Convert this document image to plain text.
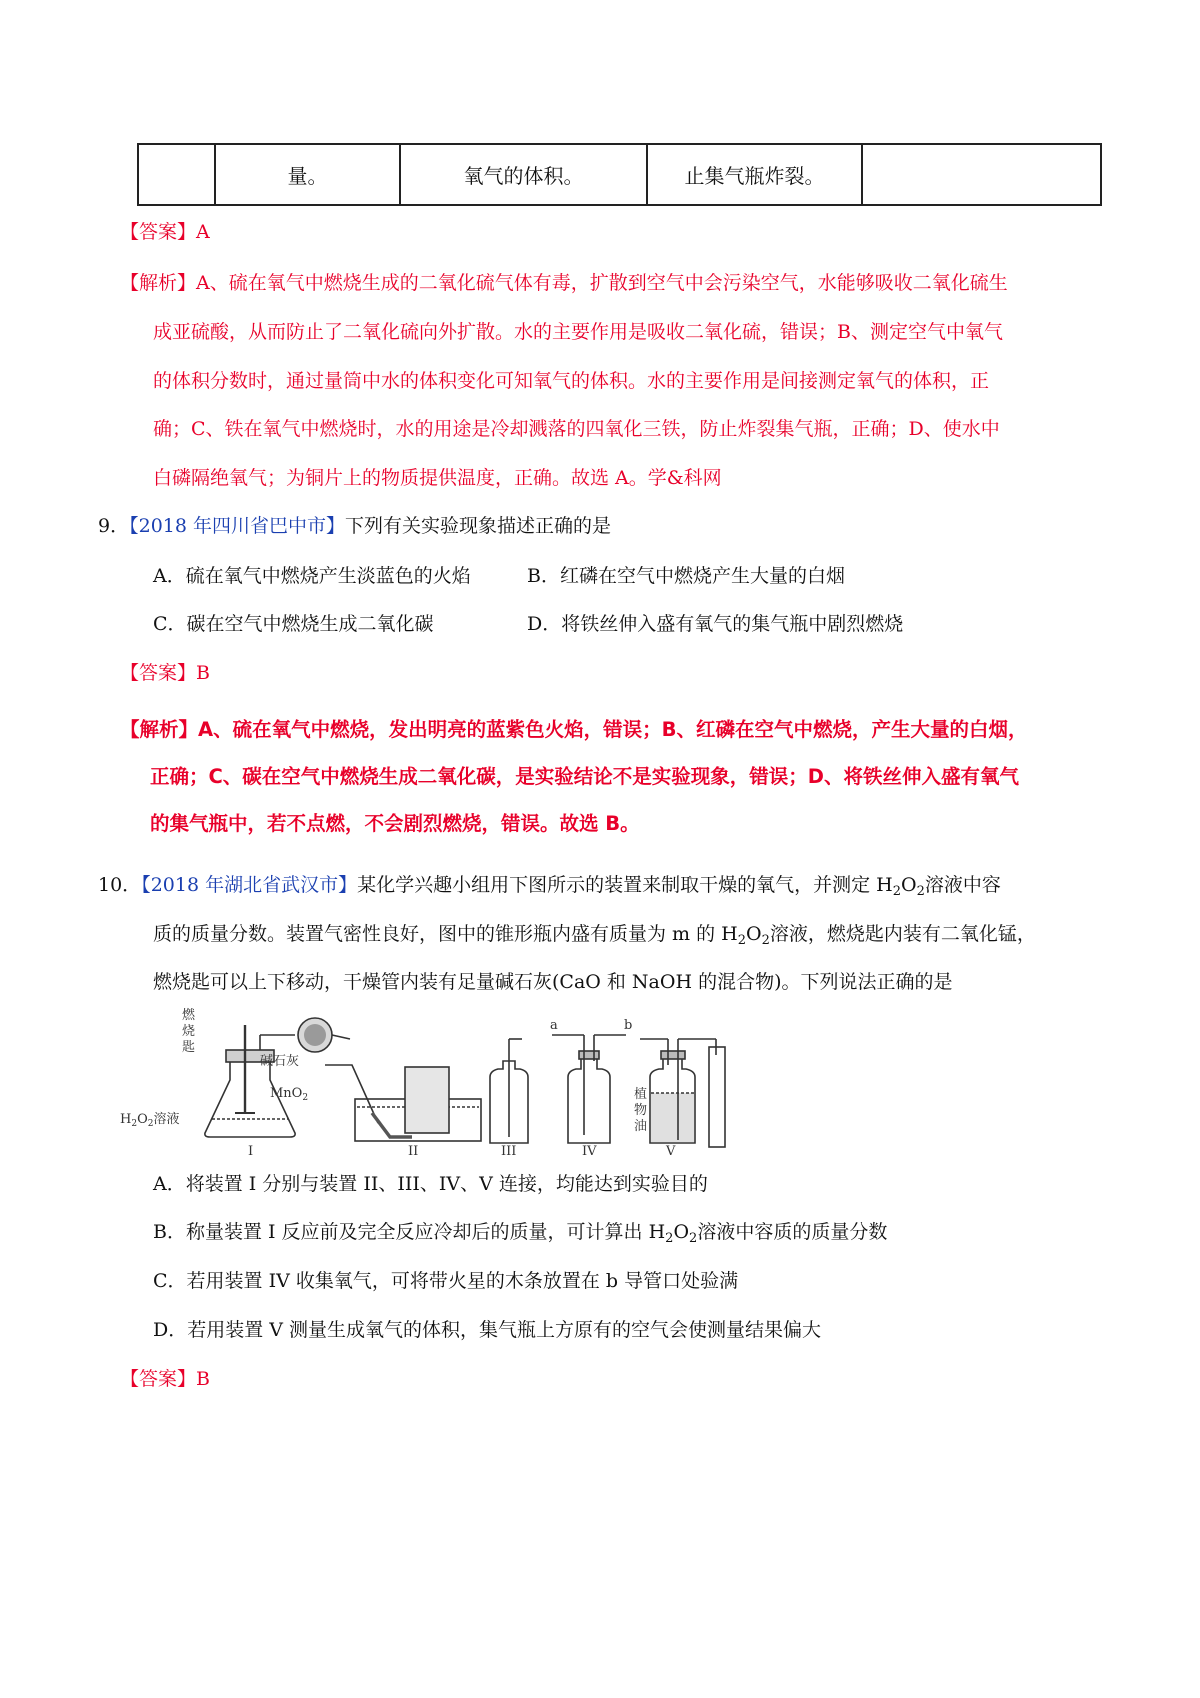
	量。	氧气的体积。	止集气瓶炸裂。	
【答案】A
【解析】A、硫在氧气中燃烧生成的二氧化硫气体有毒，扩散到空气中会污染空气，水能够吸收二氧化硫生
成亚硫酸，从而防止了二氧化硫向外扩散。水的主要作用是吸收二氧化硫，错误；B、测定空气中氧气
的体积分数时，通过量筒中水的体积变化可知氧气的体积。水的主要作用是间接测定氧气的体积，正
确；C、铁在氧气中燃烧时，水的用途是冷却溅落的四氧化三铁，防止炸裂集气瓶，正确；D、使水中
白磷隔绝氧气；为铜片上的物质提供温度，正确。故选 A。学&科网
9．【2018 年四川省巴中市】下列有关实验现象描述正确的是
A．硫在氧气中燃烧产生淡蓝色的火焰	B．红磷在空气中燃烧产生大量的白烟
C．碳在空气中燃烧生成二氧化碳	D．将铁丝伸入盛有氧气的集气瓶中剧烈燃烧
【答案】B
【解析】A、硫在氧气中燃烧，发出明亮的蓝紫色火焰，错误；B、红磷在空气中燃烧，产生大量的白烟，
正确；C、碳在空气中燃烧生成二氧化碳，是实验结论不是实验现象，错误；D、将铁丝伸入盛有氧气
的集气瓶中，若不点燃，不会剧烈燃烧，错误。故选 B。
10．【2018 年湖北省武汉市】某化学兴趣小组用下图所示的装置来制取干燥的氧气，并测定 $H_2O_2$溶液中容
质的质量分数。装置气密性良好，图中的锥形瓶内盛有质量为 m 的 $H_2O_2$溶液，燃烧匙内装有二氧化锰，
燃烧匙可以上下移动，干燥管内装有足量碱石灰(CaO 和 NaOH 的混合物)。下列说法正确的是
燃
烧
匙
碱石灰
MnO$_2$
$H_2O_2$溶液
植
物
油
a	b
I	II	III	IV	V
A．将装置 I 分别与装置 II、III、IV、V 连接，均能达到实验目的
B．称量装置 I 反应前及完全反应冷却后的质量，可计算出 $H_2O_2$溶液中容质的质量分数
C．若用装置 IV 收集氧气，可将带火星的木条放置在 b 导管口处验满
D．若用装置 V 测量生成氧气的体积，集气瓶上方原有的空气会使测量结果偏大
【答案】B
